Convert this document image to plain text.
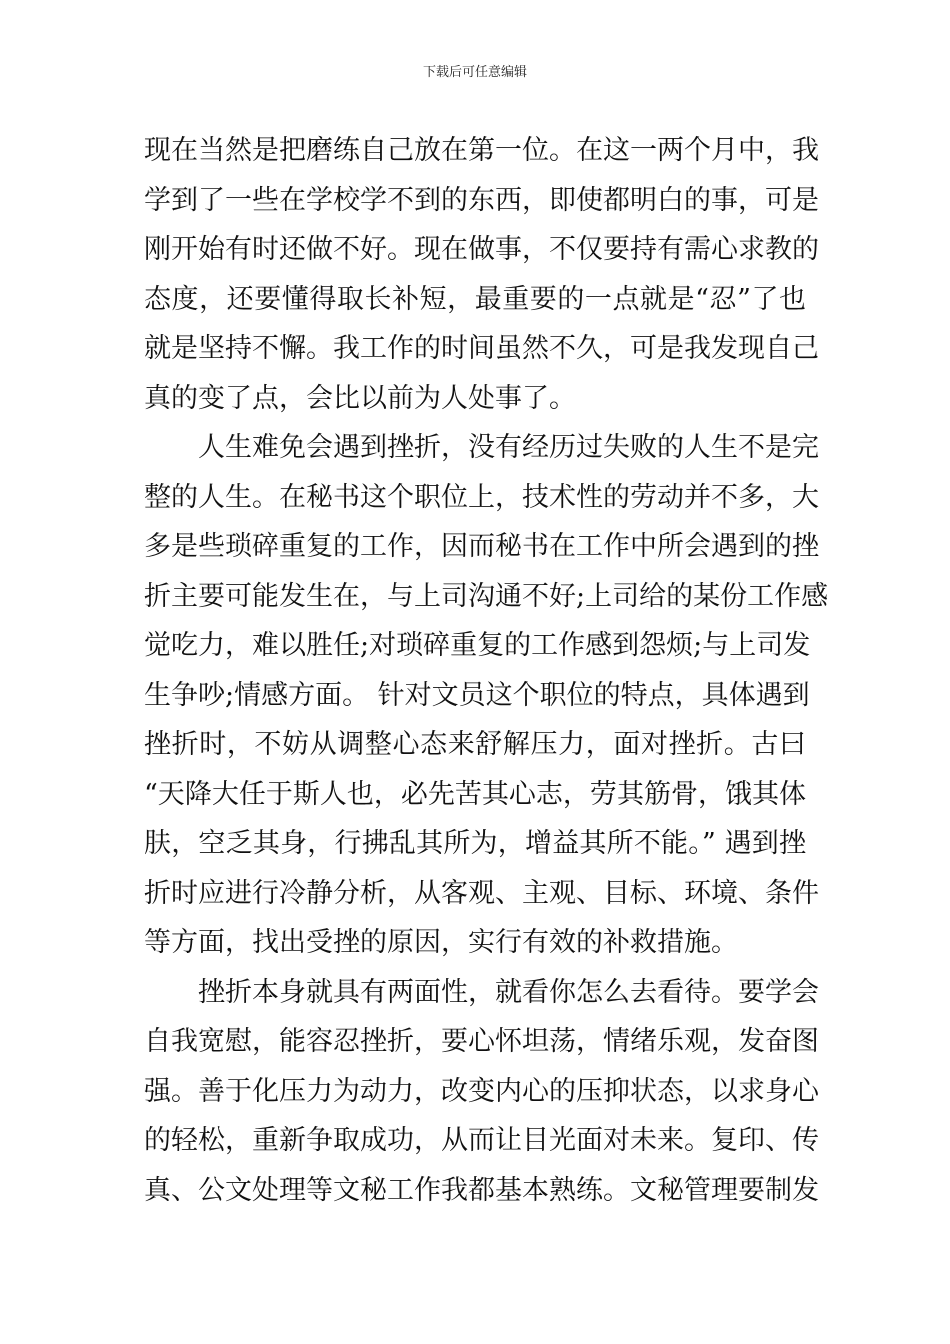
下载后可任意编辑
现在当然是把磨练自己放在第一位。在这一两个月中，我
学到了一些在学校学不到的东西，即使都明白的事，可是
刚开始有时还做不好。现在做事，不仅要持有需心求教的
态度，还要懂得取长补短，最重要的一点就是“忍”了也
就是坚持不懈。我工作的时间虽然不久，可是我发现自己
真的变了点，会比以前为人处事了。
人生难免会遇到挫折，没有经历过失败的人生不是完
整的人生。在秘书这个职位上，技术性的劳动并不多，大
多是些琐碎重复的工作，因而秘书在工作中所会遇到的挫
折主要可能发生在，与上司沟通不好;上司给的某份工作感
觉吃力，难以胜任;对琐碎重复的工作感到怨烦;与上司发
生争吵;情感方面。 针对文员这个职位的特点，具体遇到
挫折时，不妨从调整心态来舒解压力，面对挫折。古曰
“天降大任于斯人也，必先苦其心志，劳其筋骨，饿其体
肤，空乏其身，行拂乱其所为，增益其所不能。” 遇到挫
折时应进行冷静分析，从客观、主观、目标、环境、条件
等方面，找出受挫的原因，实行有效的补救措施。
挫折本身就具有两面性，就看你怎么去看待。要学会
自我宽慰，能容忍挫折，要心怀坦荡，情绪乐观，发奋图
强。善于化压力为动力，改变内心的压抑状态，以求身心
的轻松，重新争取成功，从而让目光面对未来。复印、传
真、公文处理等文秘工作我都基本熟练。文秘管理要制发
